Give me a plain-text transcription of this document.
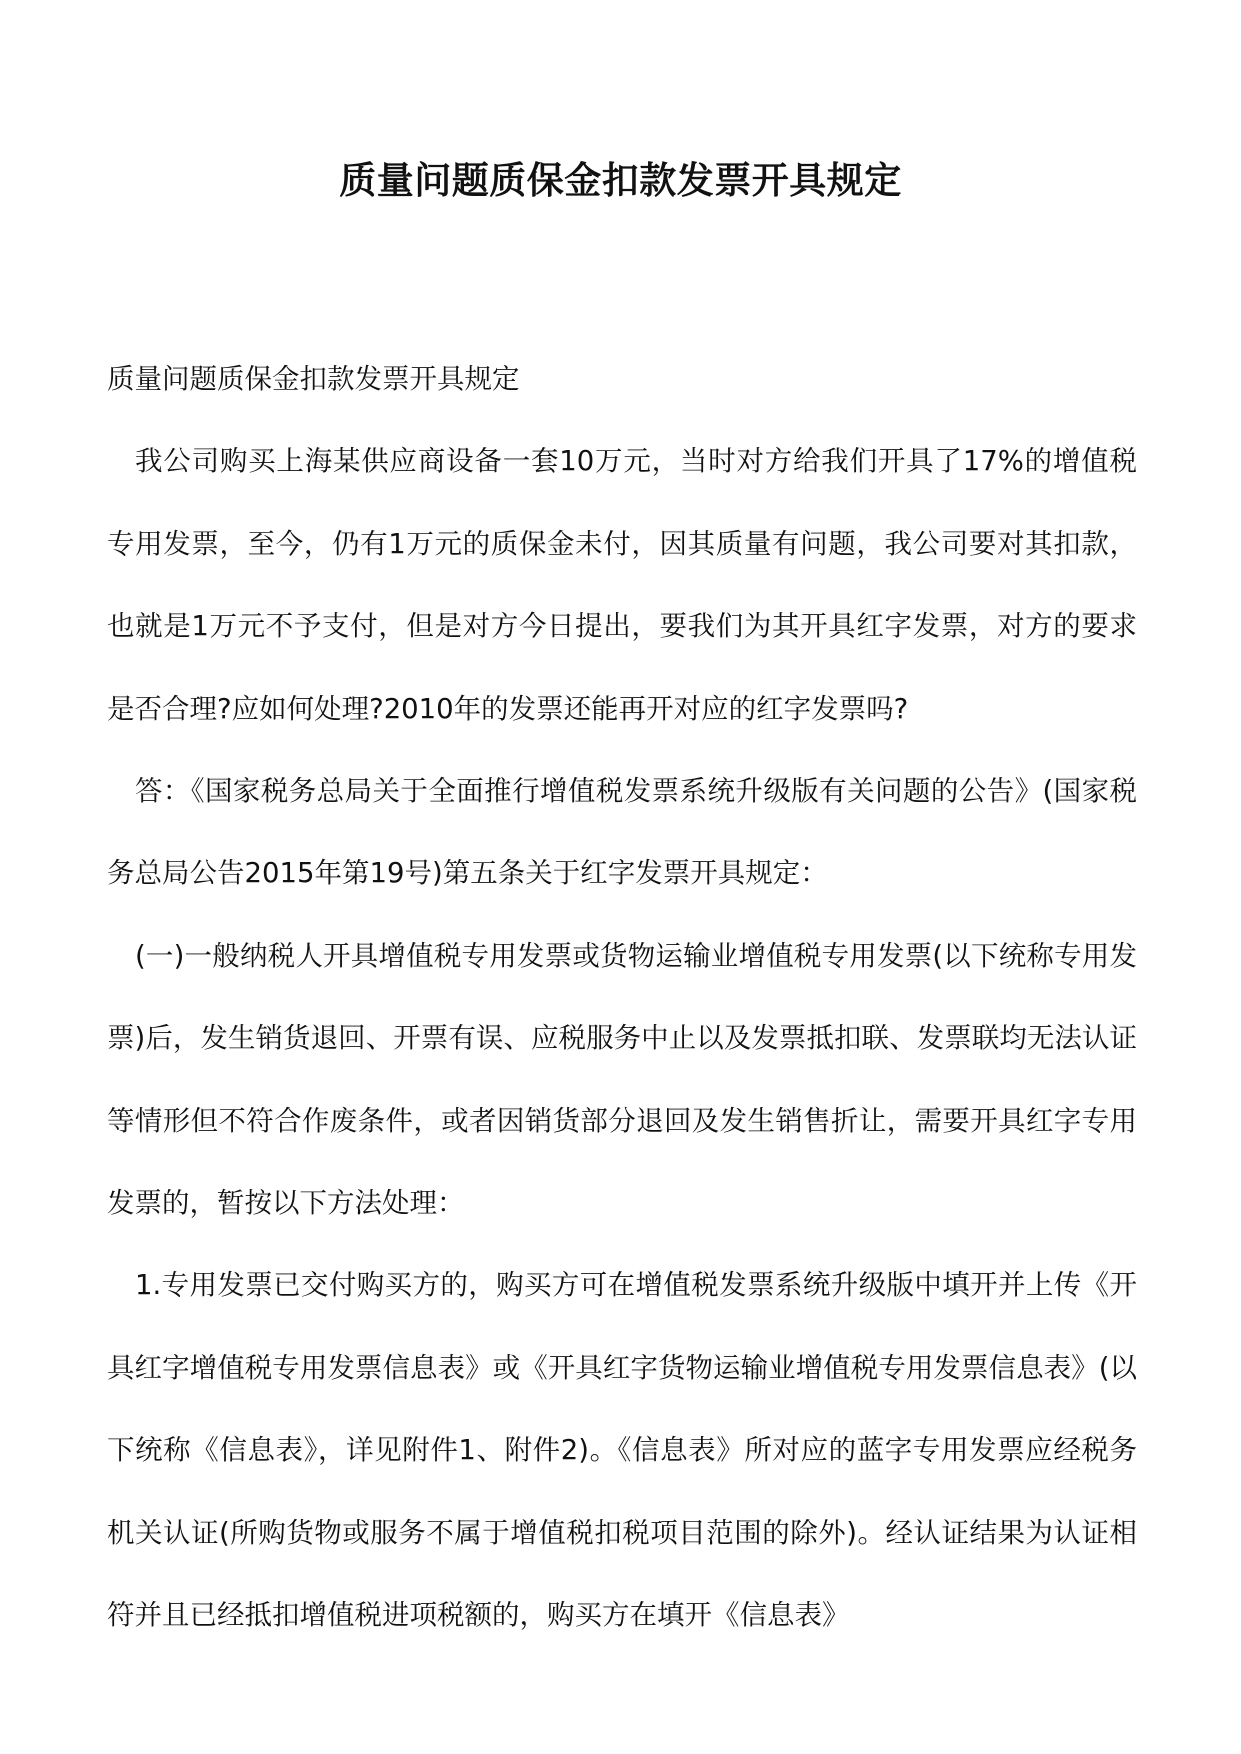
质量问题质保金扣款发票开具规定

质量问题质保金扣款发票开具规定

我公司购买上海某供应商设备一套10万元，当时对方给我们开具了17%的增值税专用发票，至今，仍有1万元的质保金未付，因其质量有问题，我公司要对其扣款，也就是1万元不予支付，但是对方今日提出，要我们为其开具红字发票，对方的要求是否合理?应如何处理?2010年的发票还能再开对应的红字发票吗?

答：《国家税务总局关于全面推行增值税发票系统升级版有关问题的公告》(国家税务总局公告2015年第19号)第五条关于红字发票开具规定：

(一)一般纳税人开具增值税专用发票或货物运输业增值税专用发票(以下统称专用发票)后，发生销货退回、开票有误、应税服务中止以及发票抵扣联、发票联均无法认证等情形但不符合作废条件，或者因销货部分退回及发生销售折让，需要开具红字专用发票的，暂按以下方法处理：

1.专用发票已交付购买方的，购买方可在增值税发票系统升级版中填开并上传《开具红字增值税专用发票信息表》或《开具红字货物运输业增值税专用发票信息表》(以下统称《信息表》，详见附件1、附件2)。《信息表》所对应的蓝字专用发票应经税务机关认证(所购货物或服务不属于增值税扣税项目范围的除外)。经认证结果为认证相符并且已经抵扣增值税进项税额的，购买方在填开《信息表》
